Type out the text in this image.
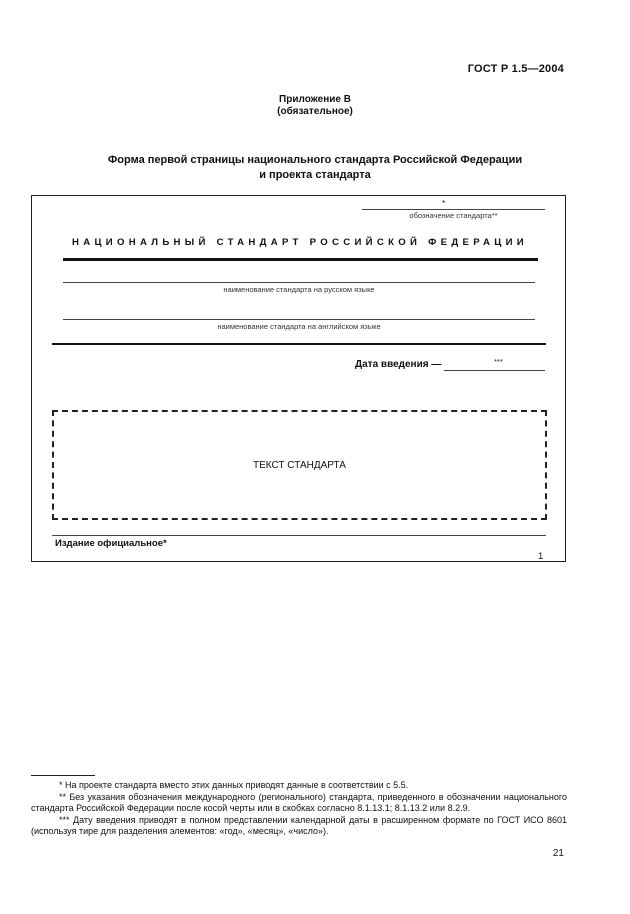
ГОСТ Р 1.5—2004
Приложение В
(обязательное)
Форма первой страницы национального стандарта Российской Федерации
и проекта стандарта
*
обозначение стандарта**
НАЦИОНАЛЬНЫЙ СТАНДАРТ РОССИЙСКОЙ ФЕДЕРАЦИИ
наименование стандарта на русском языке
наименование стандарта на английском языке
Дата введения —	***
ТЕКСТ СТАНДАРТА
Издание официальное*
1

* На проекте стандарта вместо этих данных приводят данные в соответствии с 5.5.

** Без указания обозначения международного (регионального) стандарта, приведенного в обозначении национального стандарта Российской Федерации после косой черты или в скобках согласно 8.1.13.1; 8.1.13.2 или 8.2.9.

*** Дату введения приводят в полном представлении календарной даты в расширенном формате по ГОСТ ИСО 8601 (используя тире для разделения элементов: «год», «месяц», «число»).

21
